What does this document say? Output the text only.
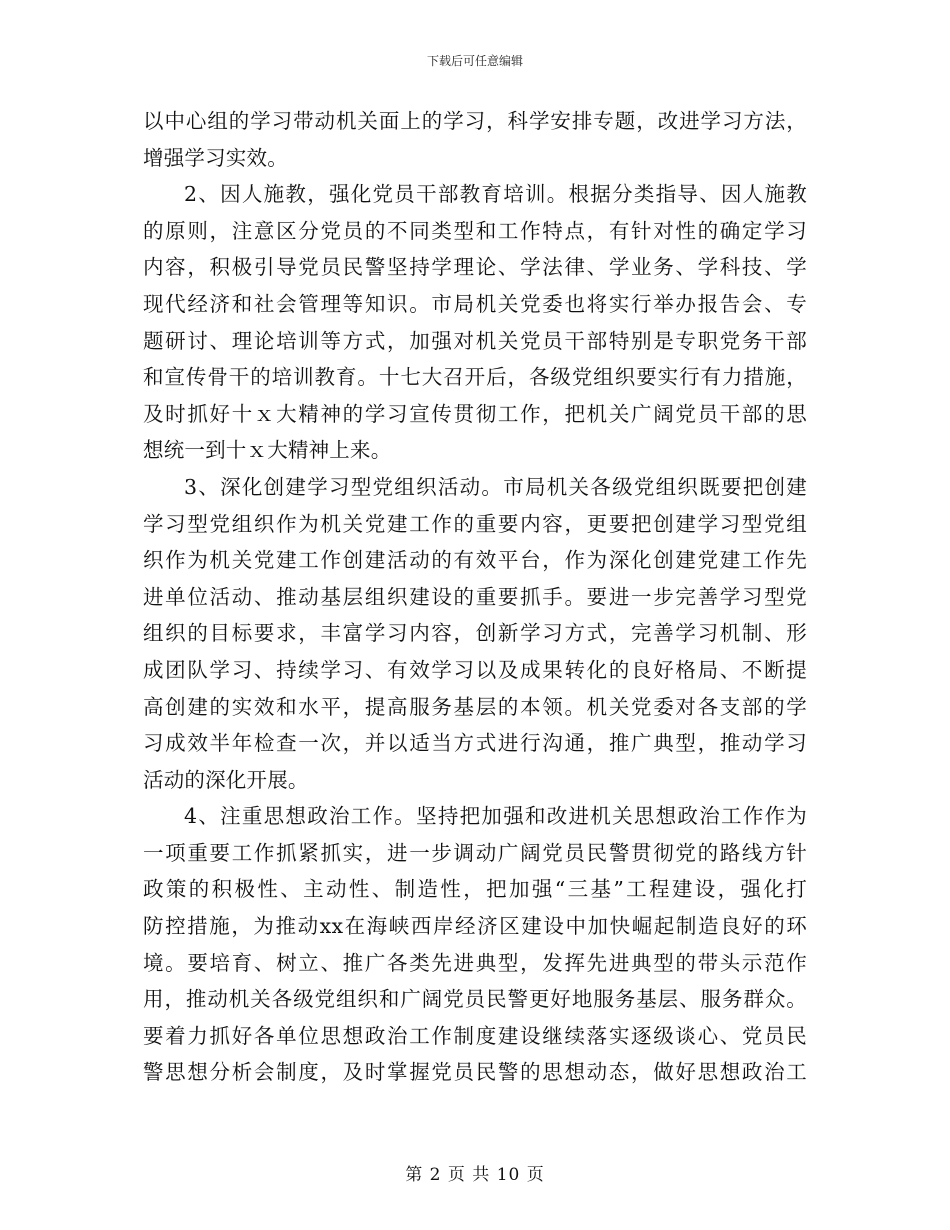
下载后可任意编辑
以中心组的学习带动机关面上的学习，科学安排专题，改进学习方法，
增强学习实效。
2、因人施教，强化党员干部教育培训。根据分类指导、因人施教
的原则，注意区分党员的不同类型和工作特点，有针对性的确定学习
内容，积极引导党员民警坚持学理论、学法律、学业务、学科技、学
现代经济和社会管理等知识。市局机关党委也将实行举办报告会、专
题研讨、理论培训等方式，加强对机关党员干部特别是专职党务干部
和宣传骨干的培训教育。十七大召开后，各级党组织要实行有力措施，
及时抓好十ｘ大精神的学习宣传贯彻工作，把机关广阔党员干部的思
想统一到十ｘ大精神上来。
3、深化创建学习型党组织活动。市局机关各级党组织既要把创建
学习型党组织作为机关党建工作的重要内容，更要把创建学习型党组
织作为机关党建工作创建活动的有效平台，作为深化创建党建工作先
进单位活动、推动基层组织建设的重要抓手。要进一步完善学习型党
组织的目标要求，丰富学习内容，创新学习方式，完善学习机制、形
成团队学习、持续学习、有效学习以及成果转化的良好格局、不断提
高创建的实效和水平，提高服务基层的本领。机关党委对各支部的学
习成效半年检查一次，并以适当方式进行沟通，推广典型，推动学习
活动的深化开展。
4、注重思想政治工作。坚持把加强和改进机关思想政治工作作为
一项重要工作抓紧抓实，进一步调动广阔党员民警贯彻党的路线方针
政策的积极性、主动性、制造性，把加强“三基”工程建设，强化打
防控措施，为推动xx在海峡西岸经济区建设中加快崛起制造良好的环
境。要培育、树立、推广各类先进典型，发挥先进典型的带头示范作
用，推动机关各级党组织和广阔党员民警更好地服务基层、服务群众。
要着力抓好各单位思想政治工作制度建设继续落实逐级谈心、党员民
警思想分析会制度，及时掌握党员民警的思想动态，做好思想政治工
第 2 页 共 10 页
